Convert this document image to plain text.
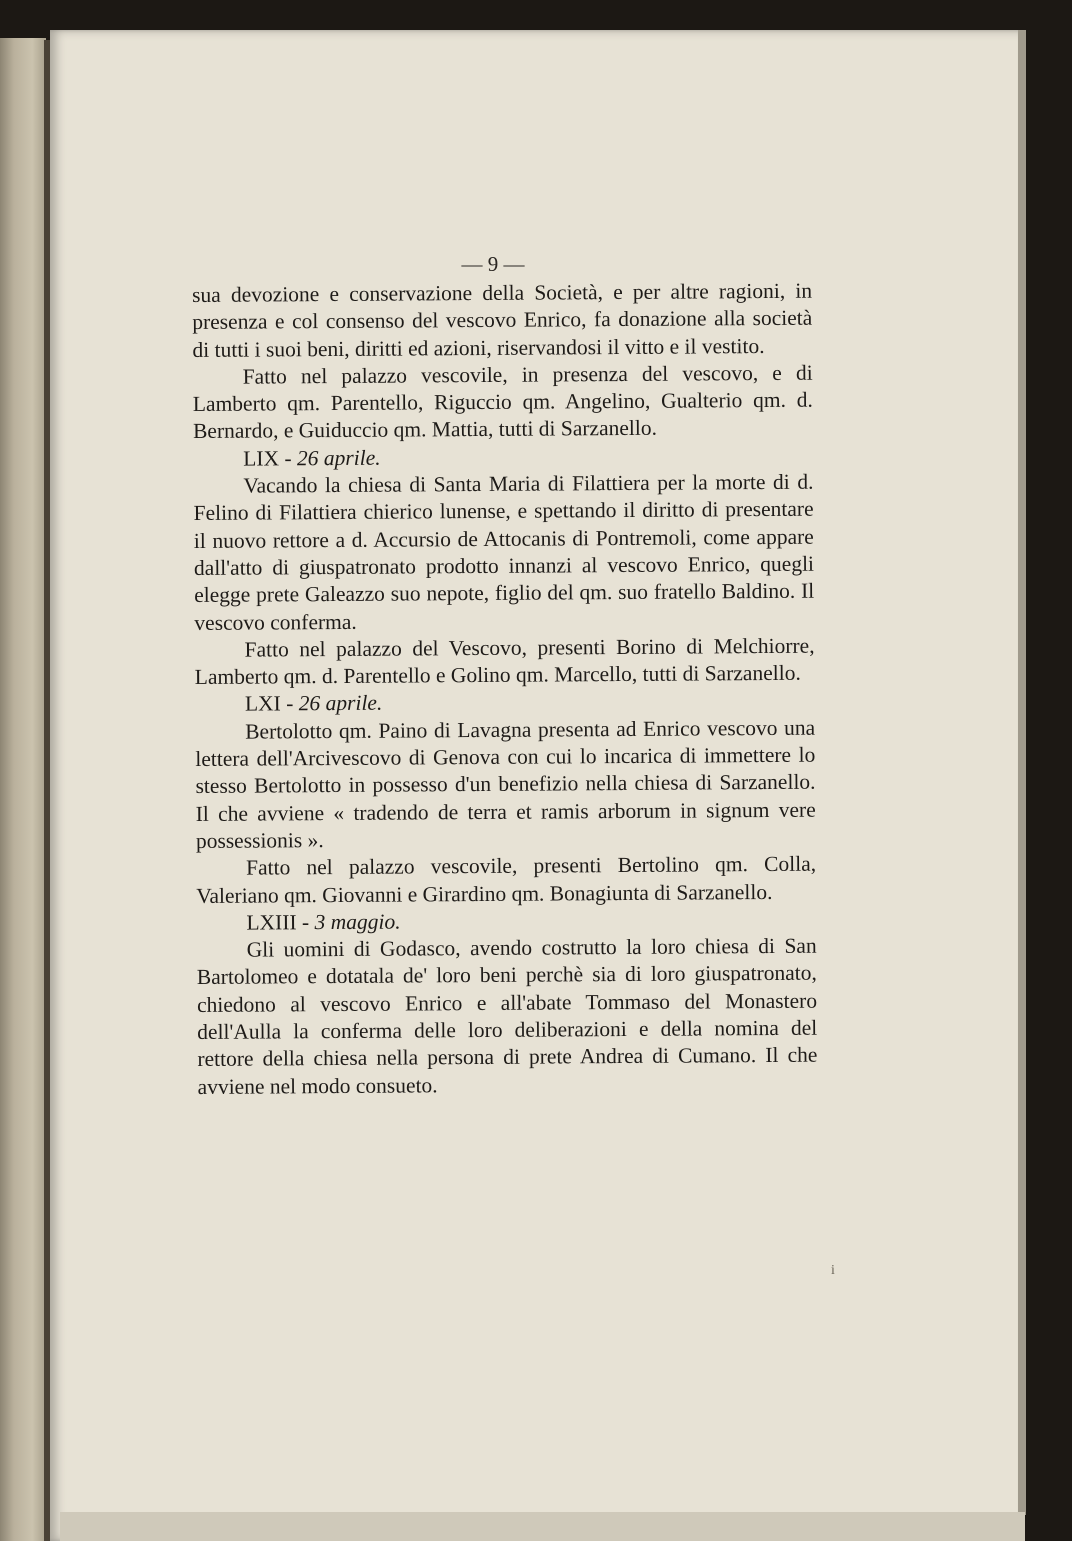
— 9 —

sua devozione e conservazione della Società, e per altre ragioni, in presenza e col consenso del vescovo Enrico, fa donazione alla società di tutti i suoi beni, diritti ed azioni, riservandosi il vitto e il vestito.

Fatto nel palazzo vescovile, in presenza del vescovo, e di Lamberto qm. Parentello, Riguccio qm. Angelino, Gualterio qm. d. Bernardo, e Guiduccio qm. Mattia, tutti di Sarzanello.

LIX - 26 aprile.

Vacando la chiesa di Santa Maria di Filattiera per la morte di d. Felino di Filattiera chierico lunense, e spettando il diritto di presentare il nuovo rettore a d. Accursio de Attocanis di Pontremoli, come appare dall'atto di giuspatronato prodotto innanzi al vescovo Enrico, quegli elegge prete Galeazzo suo nepote, figlio del qm. suo fratello Baldino. Il vescovo conferma.

Fatto nel palazzo del Vescovo, presenti Borino di Melchiorre, Lamberto qm. d. Parentello e Golino qm. Marcello, tutti di Sarzanello.

LXI - 26 aprile.

Bertolotto qm. Paino di Lavagna presenta ad Enrico vescovo una lettera dell'Arcivescovo di Genova con cui lo incarica di immettere lo stesso Bertolotto in possesso d'un benefizio nella chiesa di Sarzanello. Il che avviene « tradendo de terra et ramis arborum in signum vere possessionis ».

Fatto nel palazzo vescovile, presenti Bertolino qm. Colla, Valeriano qm. Giovanni e Girardino qm. Bonagiunta di Sarzanello.

LXIII - 3 maggio.

Gli uomini di Godasco, avendo costrutto la loro chiesa di San Bartolomeo e dotatala de' loro beni perchè sia di loro giuspatronato, chiedono al vescovo Enrico e all'abate Tommaso del Monastero dell'Aulla la conferma delle loro deliberazioni e della nomina del rettore della chiesa nella persona di prete Andrea di Cumano. Il che avviene nel modo consueto.

i
